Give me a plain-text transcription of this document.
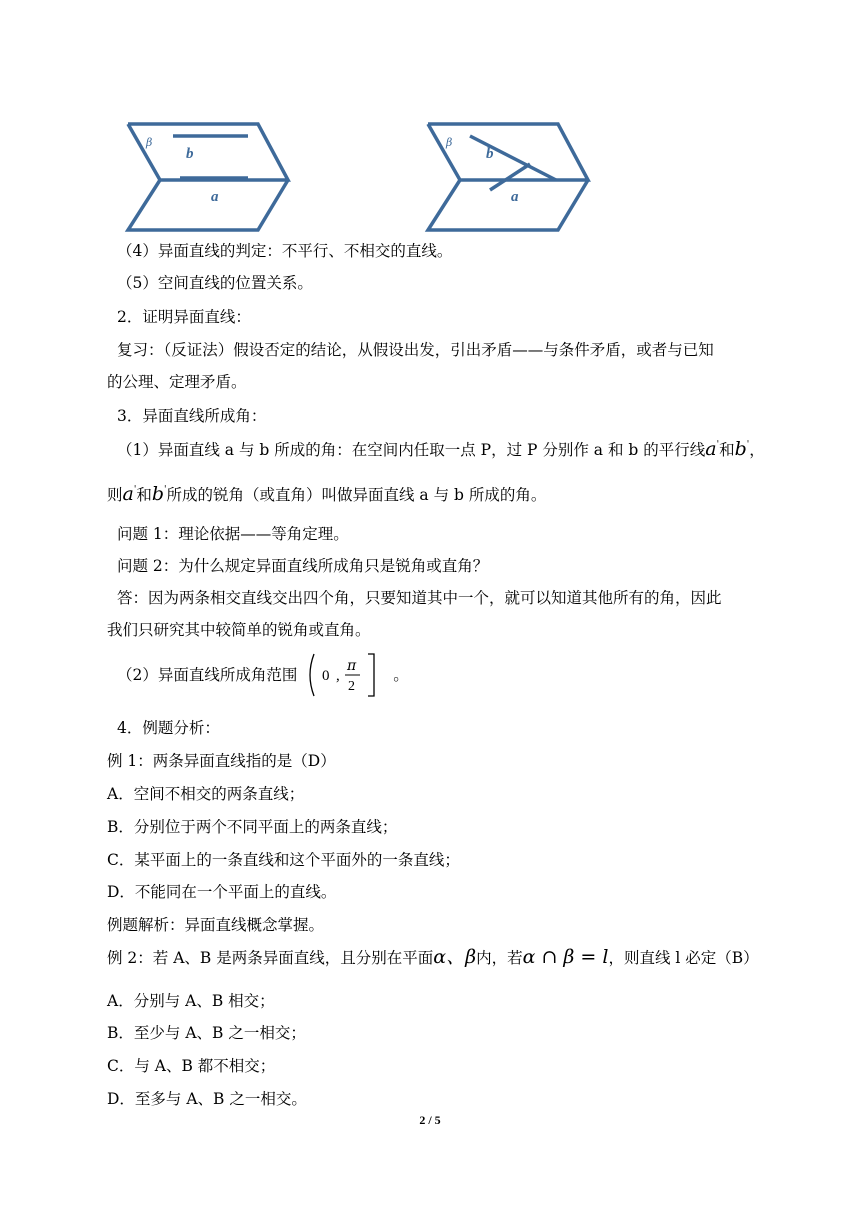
β
b
a
β
b
a
（4）异面直线的判定：不平行、不相交的直线。
（5）空间直线的位置关系。
2．证明异面直线：
复习：（反证法）假设否定的结论，从假设出发，引出矛盾——与条件矛盾，或者与已知
的公理、定理矛盾。
3．异面直线所成角：
（1）异面直线 a 与 b 所成的角：在空间内任取一点 P，过 P 分别作 a 和 b 的平行线a'和b'，
则a'和b'所成的锐角（或直角）叫做异面直线 a 与 b 所成的角。
问题 1：理论依据——等角定理。
问题 2：为什么规定异面直线所成角只是锐角或直角？
答：因为两条相交直线交出四个角，只要知道其中一个，就可以知道其他所有的角，因此
我们只研究其中较简单的锐角或直角。
（2）异面直线所成角范围 0 ,
π
2
。
4．例题分析：
例 1：两条异面直线指的是（D）
A．空间不相交的两条直线；
B．分别位于两个不同平面上的两条直线；
C．某平面上的一条直线和这个平面外的一条直线；
D．不能同在一个平面上的直线。
例题解析：异面直线概念掌握。
例 2：若 A、B 是两条异面直线，且分别在平面α、β内，若α ∩ β = l，则直线 l 必定（B）
A．分别与 A、B 相交；
B．至少与 A、B 之一相交；
C．与 A、B 都不相交；
D．至多与 A、B 之一相交。
2 / 5
